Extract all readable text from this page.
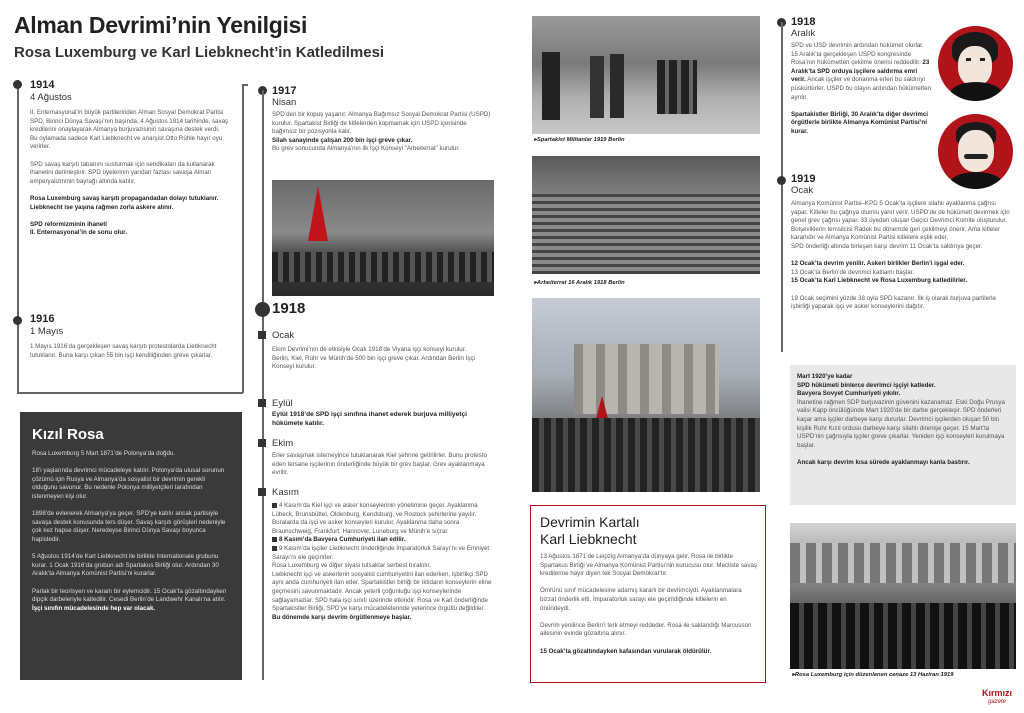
Alman Devrimi’nin Yenilgisi
Rosa Luxemburg ve Karl Liebknecht’in Katledilmesi
1914
4 Ağustos
II. Enternasyonal’in büyük partilerinden Alman Sosyal Demokrat Partisi SPD, Birinci Dünya Savaşı’nın başında, 4 Ağustos 1914 tarihinde, savaş kredilerini onaylayarak Almanya burjuvazisinin savaşına destek verdi.
Bu oylamada sadece Karl Liebknecht ve anarşist Otto Rühle hayır oyu verirler.

SPD savaş karşıtı tabanını susturmak için sendikaları da kullanarak ihanetini derinleştirir. SPD üyelerinin yarıdan fazlası savaşa Alman emperyalizminin bayrağı altında katılır.

Rosa Luxemburg savaş karşıtı propagandadan dolayı tutuklanır.
Liebknecht ise yaşına rağmen zorla askere alınır.

SPD reformizminin ihaneti
II. Enternasyonal’in de sonu olur.
1916
1 Mayıs
1 Mayıs 1916’da gerçekleşen savaş karşıtı protestolarda Liebknecht tutuklanır. Buna karşı çıkan 55 bin işçi kendiliğinden greve çıkarlar.
Kızıl Rosa
Rosa Luxemburg 5 Mart 1871’de Polonya’da doğdu.

18’i yaşlarında devrimci mücadeleye katılır. Polonya’da ulusal sorunun çözümü için Rusya ve Almanya’da sosyalist bir devrimin gerekli olduğunu savunur. Bu nedenle Polonya milliyetçileri tarafından istenmeyen kişi olur.

1898’de evlenerek Almanya’ya geçer. SPD’ye katılır ancak partisiyle savaşa destek konusunda ters düşer. Savaş karşıtı görüşleri nedeniyle çok kez hapse düşer. Neredeyse Birinci Dünya Savaşı boyunca hapistedir.

5 Ağustos 1914’de Karl Liebknecht ile birlikte Internationale grubunu kurar. 1 Ocak 1916’da grubun adı Spartakus Birliği olur. Ardından 30 Aralık’ta Almanya Komünist Partisi’ni kurarlar.

Parlak bir teorisyen ve kararlı bir eylemcidir. 15 Ocak’ta gözaltındayken dipçik darbeleriyle katledilir. Cesedi Berlin’de Landwehr Kanalı’na atılır.
İşçi sınıfın mücadelesinde hep var olacak.
1917
Nisan
SPD’den bir kopuş yaşanır. Almanya Bağımsız Sosyal Demokrat Partisi (USPD) kurulur. Spartakist Birliği de kitlelerden kopmamak için USPD içerisinde bağımsız bir pozisyonla kalır.
Silah sanayinde çalışan 200 bin işçi greve çıkar.
Bu grev sonucunda Almanya’nın ilk İşçi Konseyi “Arbeiterrat” kurulur.
1918
Ocak
Ekim Devrimi’nin de etkisiyle Ocak 1918’de Viyana işçi konseyi kurulur.
Berlin, Kiel, Ruhr ve Münih’de 500 bin işçi greve çıkar. Ardından Berlin İşçi Konseyi kurulur.
Eylül
Eylül 1918’de SPD işçi sınıfına ihanet ederek burjuva milliyetçi hükümete katılır.
Ekim
Erler savaşmak istemeyince tutuklanarak Kiel şehrine getirilirler. Bunu protesto eden tersane işçilerinin önderliğinde büyük bir grev başlar. Grev ayaklanmaya evrilir.
Kasım
4 Kasım’da Kiel işçi ve asker konseylerinin yönetimine geçer. Ayaklanma Lübeck, Brunsbüttel, Oldenburg, Kendsburg, ve Rostock şehirlerine yayılır. Buralarda da işçi ve asker konseyleri kurulur. Ayaklanma daha sonra Braunschweig, Frankfurt, Hannover, Luneburg ve Münih’e sıçrar.
8 Kasım’da Bavyera Cumhuriyeti ilan edilir.
9 Kasım’da işçiler Liebknecht önderliğinde İmparatorluk Sarayı’nı ve Emniyet Sarayı’nı ele geçirirler.
Rosa Luxemburg ve diğer siyasi tutsaklar serbest bırakılır.
Liebknecht işçi ve askerlerin sosyalist cumhuriyetini ilan ederken, işbirlikçi SPD aynı anda cumhuriyeti ilan eder. Spartakistler birliği bir iktidarın konseylerin eline geçmesini savunmaktadır. Ancak yeterli çoğunluğu işçi konseylerinde sağlayamazlar. SPD hala işçi sınıfı üzerinde etkindir. Rosa ve Karl önderliğinde Spartakistler Birliği, SPD’ye karşı mücadelelerinde yeterince örgütlü değildiler.
Bu dönemde karşı devrim örgütlenmeye başlar.
▸Spartakist Militanlar 1919 Berlin
▸Arbeiterrat 16 Aralık 1918 Berlin
Devrimin Kartalı
Karl Liebknecht
13 Ağustos 1871’de Leipzig Almanya’da dünyaya gelir. Rosa ile birlikte Spartakus Birliği ve Almanya Komünist Partisi’nin kurucusu olur. Mecliste savaş kredilerine hayır diyen tek Sosyal Demokrat’tır.

Ömrünü sınıf mücadelesine adamış kararlı bir devrimciydi. Ayaklanmalara bizzat önderlik etti. İmparatorluk sarayı ele geçirildiğinde kitlelerin en önündeydi.

Devrim yenilince Berlin’i terk etmeyi reddeder. Rosa ile saklandığı Marcusson ailesinin evinde gözaltına alınır.

15 Ocak’ta gözaltındayken kafasından vurularak öldürülür.
1918
Aralık
SPD ve USD devrimin ardından hükümet olurlar. 15 Aralık’ta gerçekleşen USPD kongresinde Rosa’nın hükümetten çekilme önerisi reddedilir. 23 Aralık’ta SPD orduya işçilere saldırma emri verir. Ancak işçiler ve donanma erleri bu saldırıyı püskürtürler. USPD bu olayın ardından hükümetten ayrılır.

Spartakistler Birliği, 30 Aralık’ta diğer devrimci örgütlerle birlikte Almanya Komünist Partisi’ni kurar.
1919
Ocak
Almanya Komünist Partisi–KPD 5 Ocak’ta işçilere silahlı ayaklanma çağrısı yapar. Kitleler bu çağrıya olumlu yanıt verir. USPD’de de hükümeti devirmek için genel grev çağrısı yapar. 33 üyeden oluşan Geçici Devrimci Komite oluşturulur. Bolşeviklerin temsilcisi Radek bu dönemde geri çekilmeyi önerir. Ama kitleler kararlıdır ve Almanya Komünist Partisi kitlelere eşlik eder.
SPD önderliği altında birleşen karşı devrim 11 Ocak’ta saldırıya geçer.

12 Ocak’ta devrim yenilir. Askeri birlikler Berlin’i işgal eder.
13 Ocak’ta Berlin’de devrimci katliamı başlar.
15 Ocak’ta Karl Liebknecht ve Rosa Luxemburg katledilirler.

19 Ocak seçimini yüzde 38 oyla SPD kazanır. İlk iş olarak burjuva partilerle işbirliği yaparak işçi ve asker konseylerini dağıtır.
Mart 1920’ye kadar
SPD hükümeti binlerce devrimci işçiyi katleder.
Bavyera Sovyet Cumhuriyeti yıkılır.
İhanetine rağmen SDP burjuvazinin güvenini kazanamaz. Eski Doğu Prusya valisi Kapp öncülüğünde Mart 1920’de bir darbe gerçekleşir. SPD önderleri kaçar ama işçiler darbeye karşı dururlar. Devrimci işçilerden oluşan 50 bin kişilik Ruhr Kızıl ordusu darbeye karşı silahlı direnişe geçer. 15 Mart’ta USPD’nin çağrısıyla işçiler greve çıkarlar. Yeniden işçi konseyleri kurulmaya başlar.

Ancak karşı devrim kısa sürede ayaklanmayı kanla bastırır.
▸Rosa Luxemburg için düzenlenen cenaze 13 Haziran 1919
Kırmızı
gazete
